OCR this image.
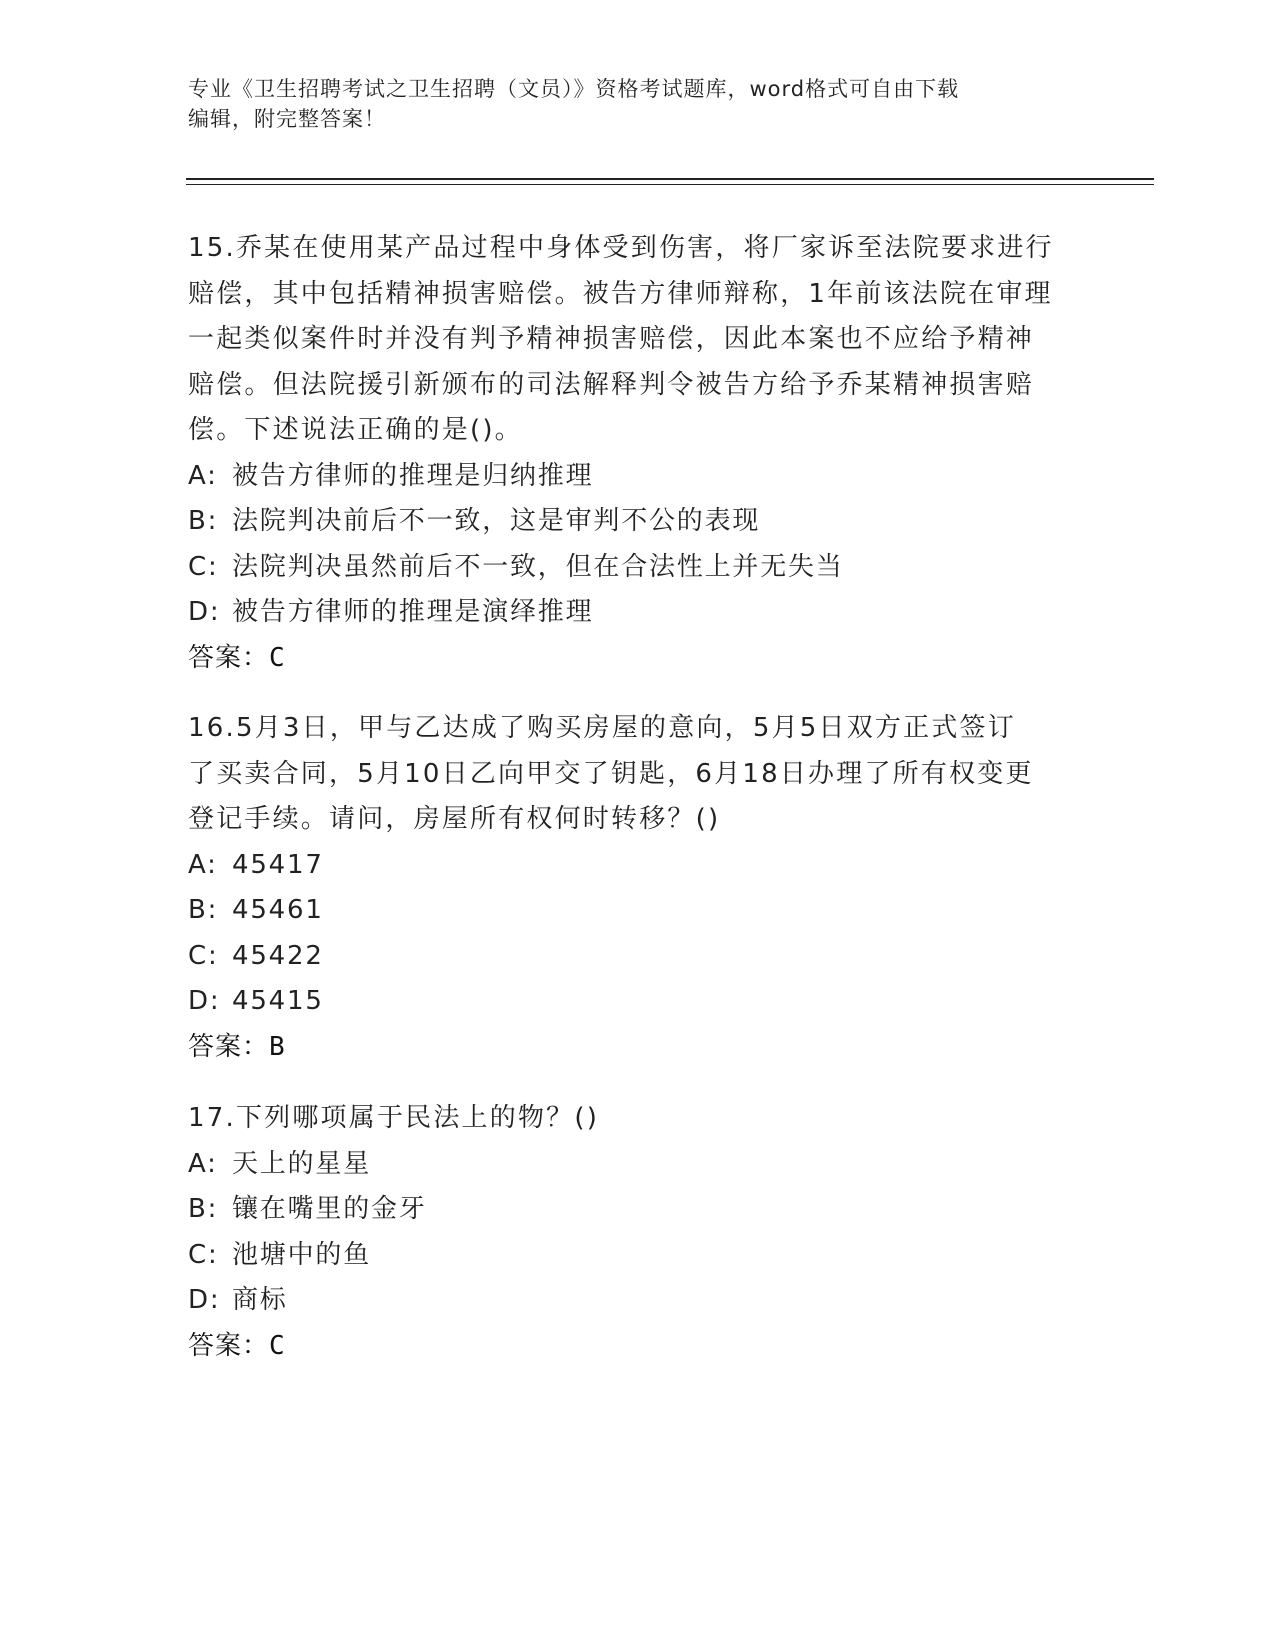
专业《卫生招聘考试之卫生招聘（文员）》资格考试题库，word格式可自由下载
编辑，附完整答案！
15.乔某在使用某产品过程中身体受到伤害，将厂家诉至法院要求进行
赔偿，其中包括精神损害赔偿。被告方律师辩称，1年前该法院在审理
一起类似案件时并没有判予精神损害赔偿，因此本案也不应给予精神
赔偿。但法院援引新颁布的司法解释判令被告方给予乔某精神损害赔
偿。下述说法正确的是()。
A: 被告方律师的推理是归纳推理
B: 法院判决前后不一致，这是审判不公的表现
C: 法院判决虽然前后不一致，但在合法性上并无失当
D: 被告方律师的推理是演绎推理
答案：C
16.5月3日，甲与乙达成了购买房屋的意向，5月5日双方正式签订
了买卖合同，5月10日乙向甲交了钥匙，6月18日办理了所有权变更
登记手续。请问，房屋所有权何时转移？()
A: 45417
B: 45461
C: 45422
D: 45415
答案：B
17.下列哪项属于民法上的物？()
A: 天上的星星
B: 镶在嘴里的金牙
C: 池塘中的鱼
D: 商标
答案：C
